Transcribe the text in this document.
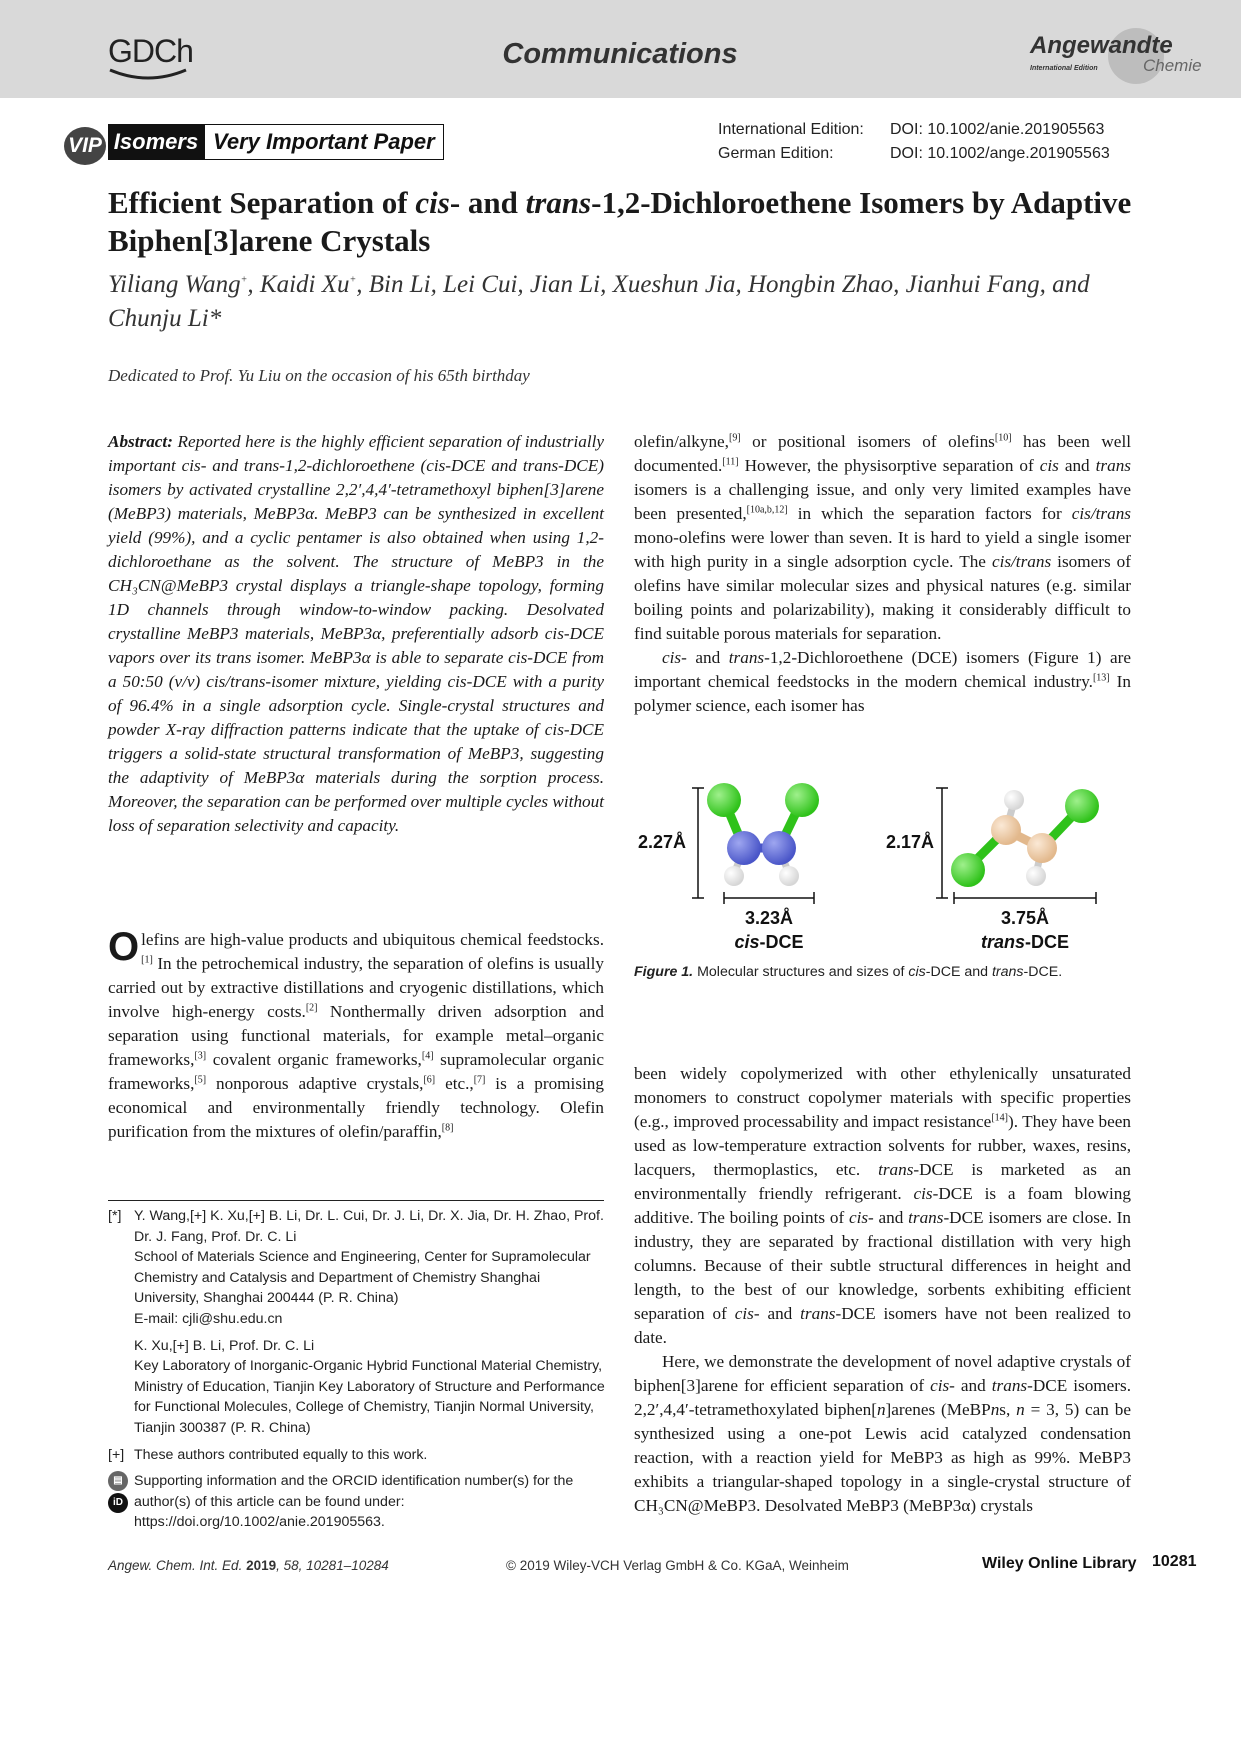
GDCh	Communications	Angewandte
International Edition	Chemie
VIP Isomers Very Important Paper	International Edition: DOI: 10.1002/anie.201905563
German Edition:	DOI: 10.1002/ange.201905563
Efficient Separation of cis- and trans-1,2-Dichloroethene Isomers by Adaptive Biphen[3]arene Crystals
Yiliang Wang+, Kaidi Xu+, Bin Li, Lei Cui, Jian Li, Xueshun Jia, Hongbin Zhao, Jianhui Fang, and Chunju Li*
Dedicated to Prof. Yu Liu on the occasion of his 65th birthday

Abstract: Reported here is the highly efficient separation of industrially important cis- and trans-1,2-dichloroethene (cis-DCE and trans-DCE) isomers by activated crystalline 2,2′,4,4′-tetramethoxyl biphen[3]arene (MeBP3) materials, MeBP3α. MeBP3 can be synthesized in excellent yield (99%), and a cyclic pentamer is also obtained when using 1,2-dichloroethane as the solvent. The structure of MeBP3 in the CH₃CN@MeBP3 crystal displays a triangle-shape topology, forming 1D channels through window-to-window packing. Desolvated crystalline MeBP3 materials, MeBP3α, preferentially adsorb cis-DCE vapors over its trans isomer. MeBP3α is able to separate cis-DCE from a 50:50 (v/v) cis/trans-isomer mixture, yielding cis-DCE with a purity of 96.4% in a single adsorption cycle. Single-crystal structures and powder X-ray diffraction patterns indicate that the uptake of cis-DCE triggers a solid-state structural transformation of MeBP3, suggesting the adaptivity of MeBP3α materials during the sorption process. Moreover, the separation can be performed over multiple cycles without loss of separation selectivity and capacity.

Olefins are high-value products and ubiquitous chemical feedstocks.[1] In the petrochemical industry, the separation of olefins is usually carried out by extractive distillations and cryogenic distillations, which involve high-energy costs.[2] Nonthermally driven adsorption and separation using functional materials, for example metal–organic frameworks,[3] covalent organic frameworks,[4] supramolecular organic frameworks,[5] nonporous adaptive crystals,[6] etc.,[7] is a promising economical and environmentally friendly technology. Olefin purification from the mixtures of olefin/paraffin,[8]

[*] Y. Wang,[+] K. Xu,[+] B. Li, Dr. L. Cui, Dr. J. Li, Dr. X. Jia, Dr. H. Zhao, Prof. Dr. J. Fang, Prof. Dr. C. Li

School of Materials Science and Engineering, Center for Supramolecular Chemistry and Catalysis and Department of Chemistry Shanghai University, Shanghai 200444 (P. R. China)

E-mail: cjli@shu.edu.cn

K. Xu,[+] B. Li, Prof. Dr. C. Li

Key Laboratory of Inorganic-Organic Hybrid Functional Material Chemistry, Ministry of Education, Tianjin Key Laboratory of Structure and Performance for Functional Molecules, College of Chemistry, Tianjin Normal University, Tianjin 300387 (P. R. China)

[+] These authors contributed equally to this work.

▤
iD

Supporting information and the ORCID identification number(s) for the author(s) of this article can be found under: https://doi.org/10.1002/anie.201905563.

olefin/alkyne,[9] or positional isomers of olefins[10] has been well documented.[11] However, the physisorptive separation of cis and trans isomers is a challenging issue, and only very limited examples have been presented,[10a,b,12] in which the separation factors for cis/trans mono-olefins were lower than seven. It is hard to yield a single isomer with high purity in a single adsorption cycle. The cis/trans isomers of olefins have similar molecular sizes and physical natures (e.g. similar boiling points and polarizability), making it considerably difficult to find suitable porous materials for separation.

cis- and trans-1,2-Dichloroethene (DCE) isomers (Figure 1) are important chemical feedstocks in the modern chemical industry.[13] In polymer science, each isomer has

2.27Å
3.23Å
cis-DCE
2.17Å
3.75Å
trans-DCE
Figure 1. Molecular structures and sizes of cis-DCE and trans-DCE.

been widely copolymerized with other ethylenically unsaturated monomers to construct copolymer materials with specific properties (e.g., improved processability and impact resistance[14]). They have been used as low-temperature extraction solvents for rubber, waxes, resins, lacquers, thermoplastics, etc. trans-DCE is marketed as an environmentally friendly refrigerant. cis-DCE is a foam blowing additive. The boiling points of cis- and trans-DCE isomers are close. In industry, they are separated by fractional distillation with very high columns. Because of their subtle structural differences in height and length, to the best of our knowledge, sorbents exhibiting efficient separation of cis- and trans-DCE isomers have not been realized to date.

Here, we demonstrate the development of novel adaptive crystals of biphen[3]arene for efficient separation of cis- and trans-DCE isomers. 2,2′,4,4′-tetramethoxylated biphen[n]arenes (MeBPns, n = 3, 5) can be synthesized using a one-pot Lewis acid catalyzed condensation reaction, with a reaction yield for MeBP3 as high as 99%. MeBP3 exhibits a triangular-shaped topology in a single-crystal structure of CH₃CN@MeBP3. Desolvated MeBP3 (MeBP3α) crystals

Angew. Chem. Int. Ed. 2019, 58, 10281–10284	© 2019 Wiley-VCH Verlag GmbH & Co. KGaA, Weinheim	Wiley Online Library 10281
